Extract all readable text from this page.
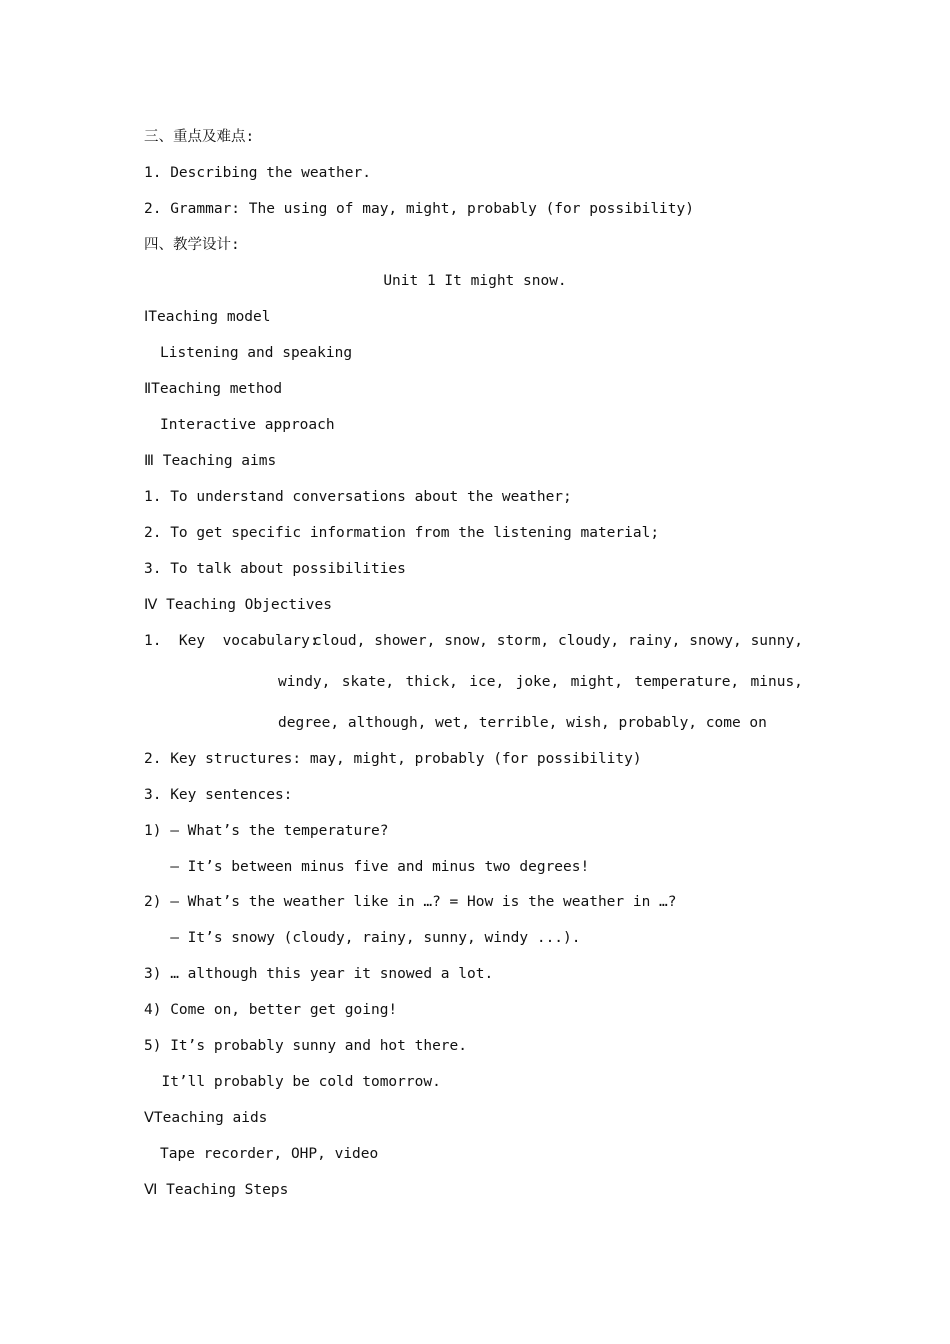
三、重点及难点:
1. Describing the weather.
2. Grammar: The using of may, might, probably (for possibility)
四、教学设计:
Unit 1 It might snow.
ⅠTeaching model
Listening and speaking
ⅡTeaching method
Interactive approach
Ⅲ Teaching aims
1. To understand conversations about the weather;
2. To get specific information from the listening material;
3. To talk about possibilities
Ⅳ Teaching Objectives
1.  Key  vocabulary:
cloud, shower, snow, storm, cloudy, rainy, snowy, sunny,
windy, skate, thick, ice, joke, might, temperature, minus,
degree, although, wet, terrible, wish, probably, come on
2. Key structures: may, might, probably (for possibility)
3. Key sentences:
1) — What’s the temperature?
— It’s between minus five and minus two degrees!
2) — What’s the weather like in …? = How is the weather in …?
— It’s snowy (cloudy, rainy, sunny, windy ...).
3) … although this year it snowed a lot.
4) Come on, better get going!
5) It’s probably sunny and hot there.
It’ll probably be cold tomorrow.
ⅤTeaching aids
Tape recorder, OHP, video
Ⅵ Teaching Steps
